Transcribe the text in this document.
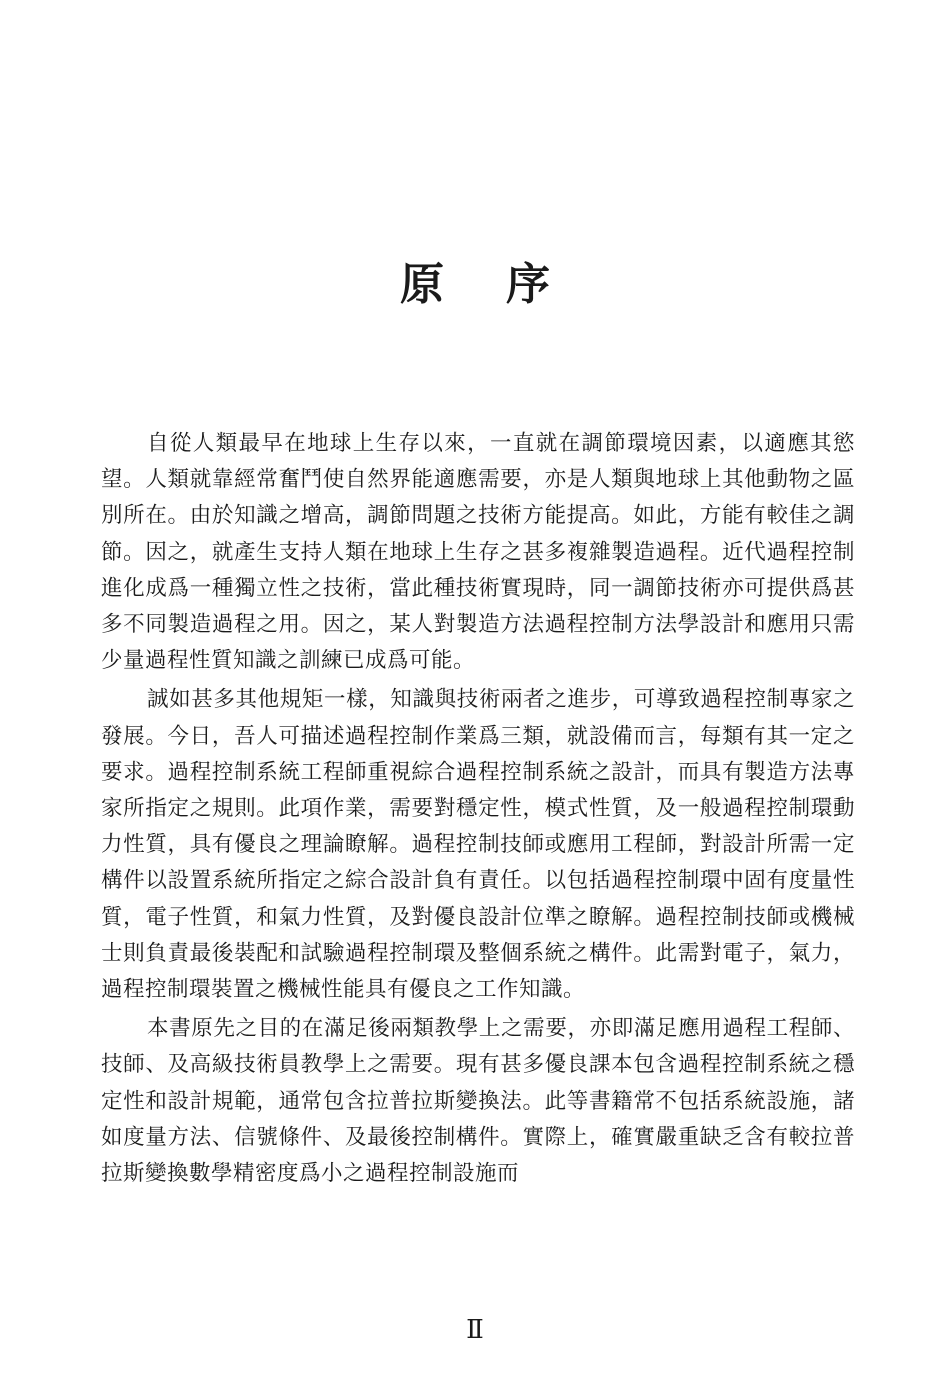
原序

自從人類最早在地球上生存以來，一直就在調節環境因素，以適應其慾望。人類就靠經常奮鬥使自然界能適應需要，亦是人類與地球上其他動物之區別所在。由於知識之增高，調節問題之技術方能提高。如此，方能有較佳之調節。因之，就產生支持人類在地球上生存之甚多複雜製造過程。近代過程控制進化成爲一種獨立性之技術，當此種技術實現時，同一調節技術亦可提供爲甚多不同製造過程之用。因之，某人對製造方法過程控制方法學設計和應用只需少量過程性質知識之訓練已成爲可能。

誠如甚多其他規矩一樣，知識與技術兩者之進步，可導致過程控制專家之發展。今日，吾人可描述過程控制作業爲三類，就設備而言，每類有其一定之要求。過程控制系統工程師重視綜合過程控制系統之設計，而具有製造方法專家所指定之規則。此項作業，需要對穩定性，模式性質，及一般過程控制環動力性質，具有優良之理論瞭解。過程控制技師或應用工程師，對設計所需一定構件以設置系統所指定之綜合設計負有責任。以包括過程控制環中固有度量性質，電子性質，和氣力性質，及對優良設計位準之瞭解。過程控制技師或機械士則負責最後裝配和試驗過程控制環及整個系統之構件。此需對電子，氣力，過程控制環裝置之機械性能具有優良之工作知識。

本書原先之目的在滿足後兩類教學上之需要，亦即滿足應用過程工程師、技師、及高級技術員教學上之需要。現有甚多優良課本包含過程控制系統之穩定性和設計規範，通常包含拉普拉斯變換法。此等書籍常不包括系統設施，諸如度量方法、信號條件、及最後控制構件。實際上，確實嚴重缺乏含有較拉普拉斯變換數學精密度爲小之過程控制設施而

Ⅱ
